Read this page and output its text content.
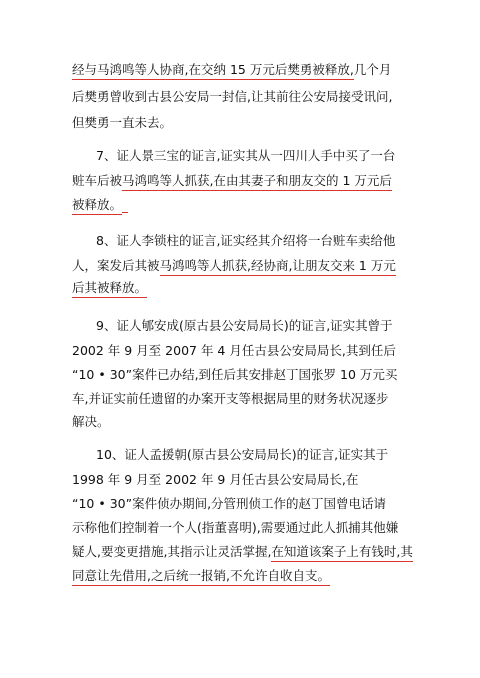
经与马鸿鸣等人协商,在交纳 15 万元后樊勇被释放,几个月
后樊勇曾收到古县公安局一封信,让其前往公安局接受讯问,
但樊勇一直未去。
7、证人景三宝的证言,证实其从一四川人手中买了一台
赃车后被马鸿鸣等人抓获,在由其妻子和朋友交的 1 万元后
被释放。
8、证人李锁柱的证言,证实经其介绍将一台赃车卖给他
人，案发后其被马鸿鸣等人抓获,经协商,让朋友交来 1 万元
后其被释放。
9、证人郇安成(原古县公安局局长)的证言,证实其曾于
2002 年 9 月至 2007 年 4 月任古县公安局局长,其到任后
“10 • 30”案件已办结,到任后其安排赵丁国张罗 10 万元买
车,并证实前任遗留的办案开支等根据局里的财务状况逐步
解决。
10、证人孟援朝(原古县公安局局长)的证言,证实其于
1998 年 9 月至 2002 年 9 月任古县公安局局长,在
“10 • 30”案件侦办期间,分管刑侦工作的赵丁国曾电话请
示称他们控制着一个人(指董喜明),需要通过此人抓捕其他嫌
疑人,要变更措施,其指示让灵活掌握,在知道该案子上有钱时,其
同意让先借用,之后统一报销,不允许自收自支。
